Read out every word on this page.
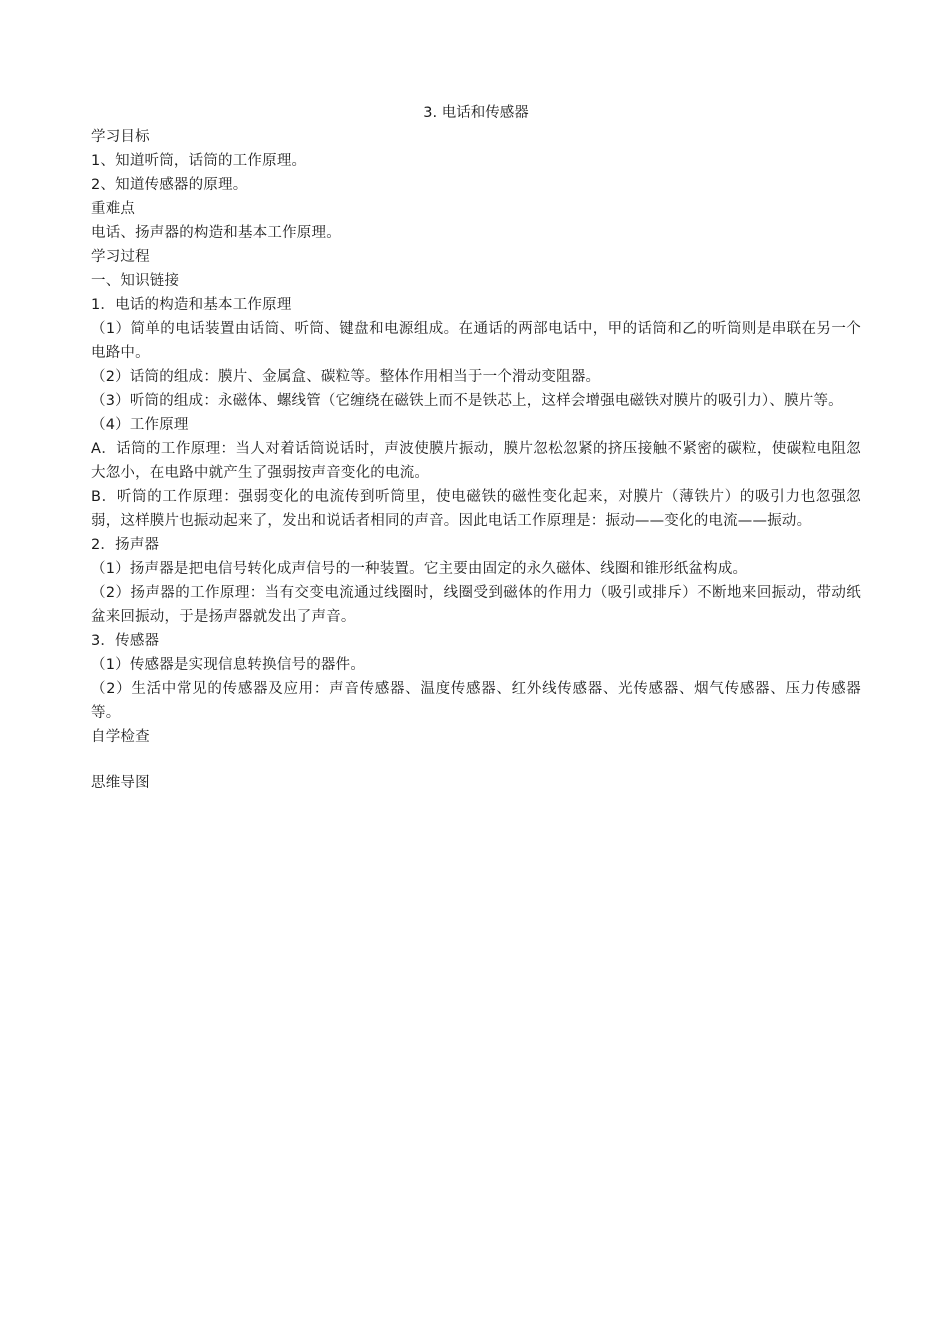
3. 电话和传感器

学习目标

1、知道听筒，话筒的工作原理。

2、知道传感器的原理。

重难点

电话、扬声器的构造和基本工作原理。

学习过程

一、知识链接

1．电话的构造和基本工作原理

（1）简单的电话装置由话筒、听筒、键盘和电源组成。在通话的两部电话中，甲的话筒和乙的听筒则是串联在另一个电路中。

（2）话筒的组成：膜片、金属盒、碳粒等。整体作用相当于一个滑动变阻器。

（3）听筒的组成：永磁体、螺线管（它缠绕在磁铁上而不是铁芯上，这样会增强电磁铁对膜片的吸引力）、膜片等。

（4）工作原理

A．话筒的工作原理：当人对着话筒说话时，声波使膜片振动，膜片忽松忽紧的挤压接触不紧密的碳粒，使碳粒电阻忽大忽小，在电路中就产生了强弱按声音变化的电流。

B．听筒的工作原理：强弱变化的电流传到听筒里，使电磁铁的磁性变化起来，对膜片（薄铁片）的吸引力也忽强忽弱，这样膜片也振动起来了，发出和说话者相同的声音。因此电话工作原理是：振动——变化的电流——振动。

2．扬声器

（1）扬声器是把电信号转化成声信号的一种装置。它主要由固定的永久磁体、线圈和锥形纸盆构成。

（2）扬声器的工作原理：当有交变电流通过线圈时，线圈受到磁体的作用力（吸引或排斥）不断地来回振动，带动纸盆来回振动，于是扬声器就发出了声音。

3．传感器

（1）传感器是实现信息转换信号的器件。

（2）生活中常见的传感器及应用：声音传感器、温度传感器、红外线传感器、光传感器、烟气传感器、压力传感器等。

自学检查

思维导图
